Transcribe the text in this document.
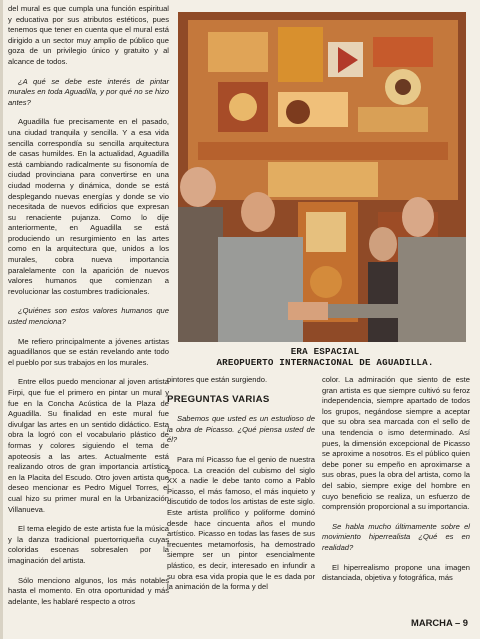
del mural es que cumpla una función espiritual y educativa por sus atributos estéticos, pues tenemos que tener en cuenta que el mural está dirigido a un sector muy amplio de público que goza de un privilegio único y gratuito y al alcance de todos.

¿A qué se debe este interés de pintar murales en toda Aguadilla, y por qué no se hizo antes?

Aguadilla fue precisamente en el pasado, una ciudad tranquila y sencilla. Y a esa vida sencilla correspondía su sencilla arquitectura de casas humildes. En la actualidad, Aguadilla está cambiando radicalmente su fisonomía de ciudad provinciana para convertirse en una ciudad moderna y dinámica, donde se está desplegando nuevas energías y donde se vio necesitada de nuevos edificios que expresan su renaciente pujanza. Como lo dije anteriormente, en Aguadilla se está produciendo un resurgimiento en las artes como en la arquitectura que, unidos a los murales, cobra nueva importancia paralelamente con la aparición de nuevos valores humanos que comienzan a revolucionar las costumbres tradicionales.

¿Quiénes son estos valores humanos que usted menciona?

Me refiero principalmente a jóvenes artistas aguadillanos que se están revelando ante todo el pueblo por sus trabajos en los murales.

Entre ellos puedo mencionar al joven artista Firpi, que fue el primero en pintar un mural y fue en la Concha Acústica de la Plaza de Aguadilla. Su finalidad en este mural fue divulgar las artes en un sentido didáctico. Esta obra la logró con el vocabulario plástico de formas y colores siguiendo el tema de apoteosis a las artes. Actualmente está realizando otros de gran importancia artística en la Placita del Escudo. Otro joven artista que deseo mencionar es Pedro Miguel Torres, el cual hizo su primer mural en la Urbanización Villanueva.

El tema elegido de este artista fue la música y la danza tradicional puertorriqueña cuyas coloridas escenas sobresalen por la imaginación del artista.

Sólo menciono algunos, los más notables hasta el momento. En otra oportunidad y más adelante, les hablaré respecto a otros

ERA ESPACIAL
AREOPUERTO INTERNACIONAL DE AGUADILLA.

pintores que están surgiendo.

PREGUNTAS VARIAS

Sabemos que usted es un estudioso de la obra de Picasso. ¿Qué piensa usted de él?

Para mí Picasso fue el genio de nuestra época. La creación del cubismo del siglo XX a nadie le debe tanto como a Pablo Picasso, el más famoso, el más inquieto y discutido de todos los artistas de este siglo. Este artista prolífico y poliforme dominó desde hace cincuenta años el mundo artístico. Picasso en todas las fases de sus frecuentes metamorfosis, ha demostrado siempre ser un pintor esencialmente plástico, es decir, interesado en infundir a su obra esa vida propia que le es dada por la animación de la forma y del

color. La admiración que siento de este gran artista es que siempre cultivó su feroz independencia, siempre apartado de todos los grupos, negándose siempre a aceptar que su obra sea marcada con el sello de una tendencia o ismo determinado. Así pues, la dimensión excepcional de Picasso se aproxime a nosotros. Es el público quien debe poner su empeño en aproximarse a sus obras, pues la obra del artista, como la del sabio, siempre exige del hombre en cuyo beneficio se realiza, un esfuerzo de comprensión proporcional a su importancia.

Se habla mucho últimamente sobre el movimiento hiperrealista ¿Qué es en realidad?

El hiperrealismo propone una imagen distanciada, objetiva y fotográfica, más

MARCHA – 9
